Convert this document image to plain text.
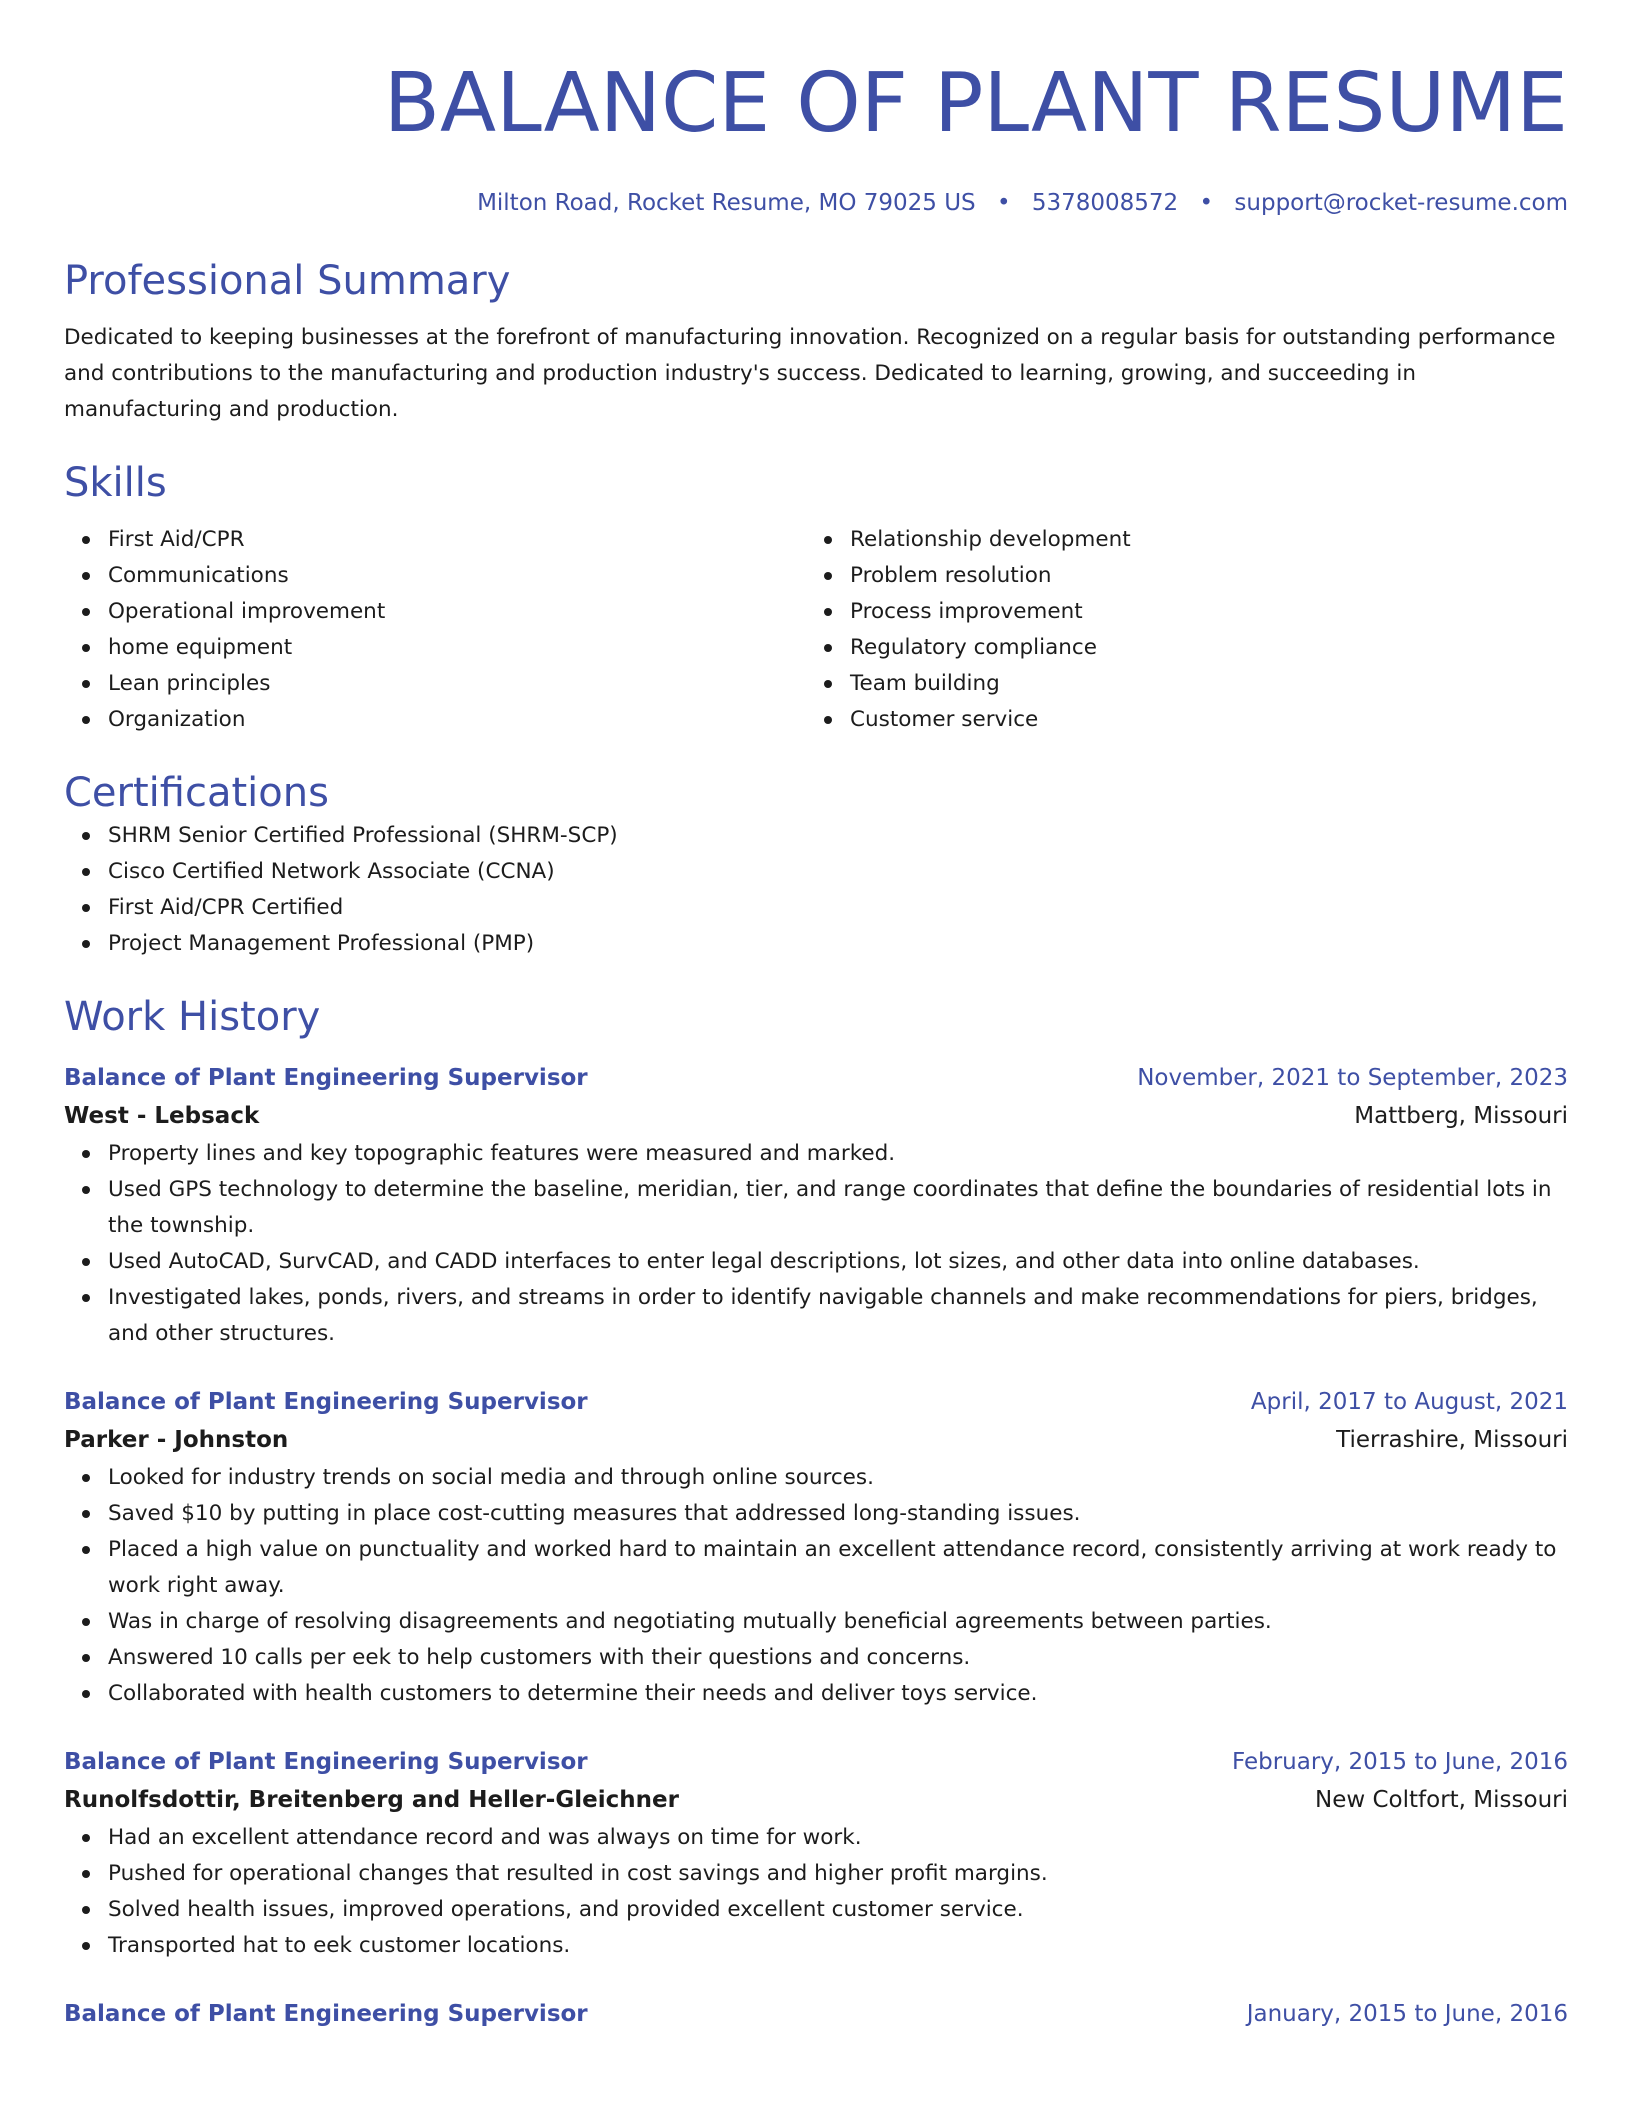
BALANCE OF PLANT RESUME
Milton Road, Rocket Resume, MO 79025 US • 5378008572 • support@rocket-resume.com
Professional Summary
Dedicated to keeping businesses at the forefront of manufacturing innovation. Recognized on a regular basis for outstanding performance and contributions to the manufacturing and production industry's success. Dedicated to learning, growing, and succeeding in manufacturing and production.
Skills
First Aid/CPR
Communications
Operational improvement
home equipment
Lean principles
Organization
Relationship development
Problem resolution
Process improvement
Regulatory compliance
Team building
Customer service
Certifications
SHRM Senior Certified Professional (SHRM-SCP)
Cisco Certified Network Associate (CCNA)
First Aid/CPR Certified
Project Management Professional (PMP)
Work History
Balance of Plant Engineering Supervisor	November, 2021 to September, 2023
West - Lebsack	Mattberg, Missouri
Property lines and key topographic features were measured and marked.
Used GPS technology to determine the baseline, meridian, tier, and range coordinates that define the boundaries of residential lots in the township.
Used AutoCAD, SurvCAD, and CADD interfaces to enter legal descriptions, lot sizes, and other data into online databases.
Investigated lakes, ponds, rivers, and streams in order to identify navigable channels and make recommendations for piers, bridges, and other structures.
Balance of Plant Engineering Supervisor	April, 2017 to August, 2021
Parker - Johnston	Tierrashire, Missouri
Looked for industry trends on social media and through online sources.
Saved $10 by putting in place cost-cutting measures that addressed long-standing issues.
Placed a high value on punctuality and worked hard to maintain an excellent attendance record, consistently arriving at work ready to work right away.
Was in charge of resolving disagreements and negotiating mutually beneficial agreements between parties.
Answered 10 calls per eek to help customers with their questions and concerns.
Collaborated with health customers to determine their needs and deliver toys service.
Balance of Plant Engineering Supervisor	February, 2015 to June, 2016
Runolfsdottir, Breitenberg and Heller-Gleichner	New Coltfort, Missouri
Had an excellent attendance record and was always on time for work.
Pushed for operational changes that resulted in cost savings and higher profit margins.
Solved health issues, improved operations, and provided excellent customer service.
Transported hat to eek customer locations.
Balance of Plant Engineering Supervisor	January, 2015 to June, 2016
